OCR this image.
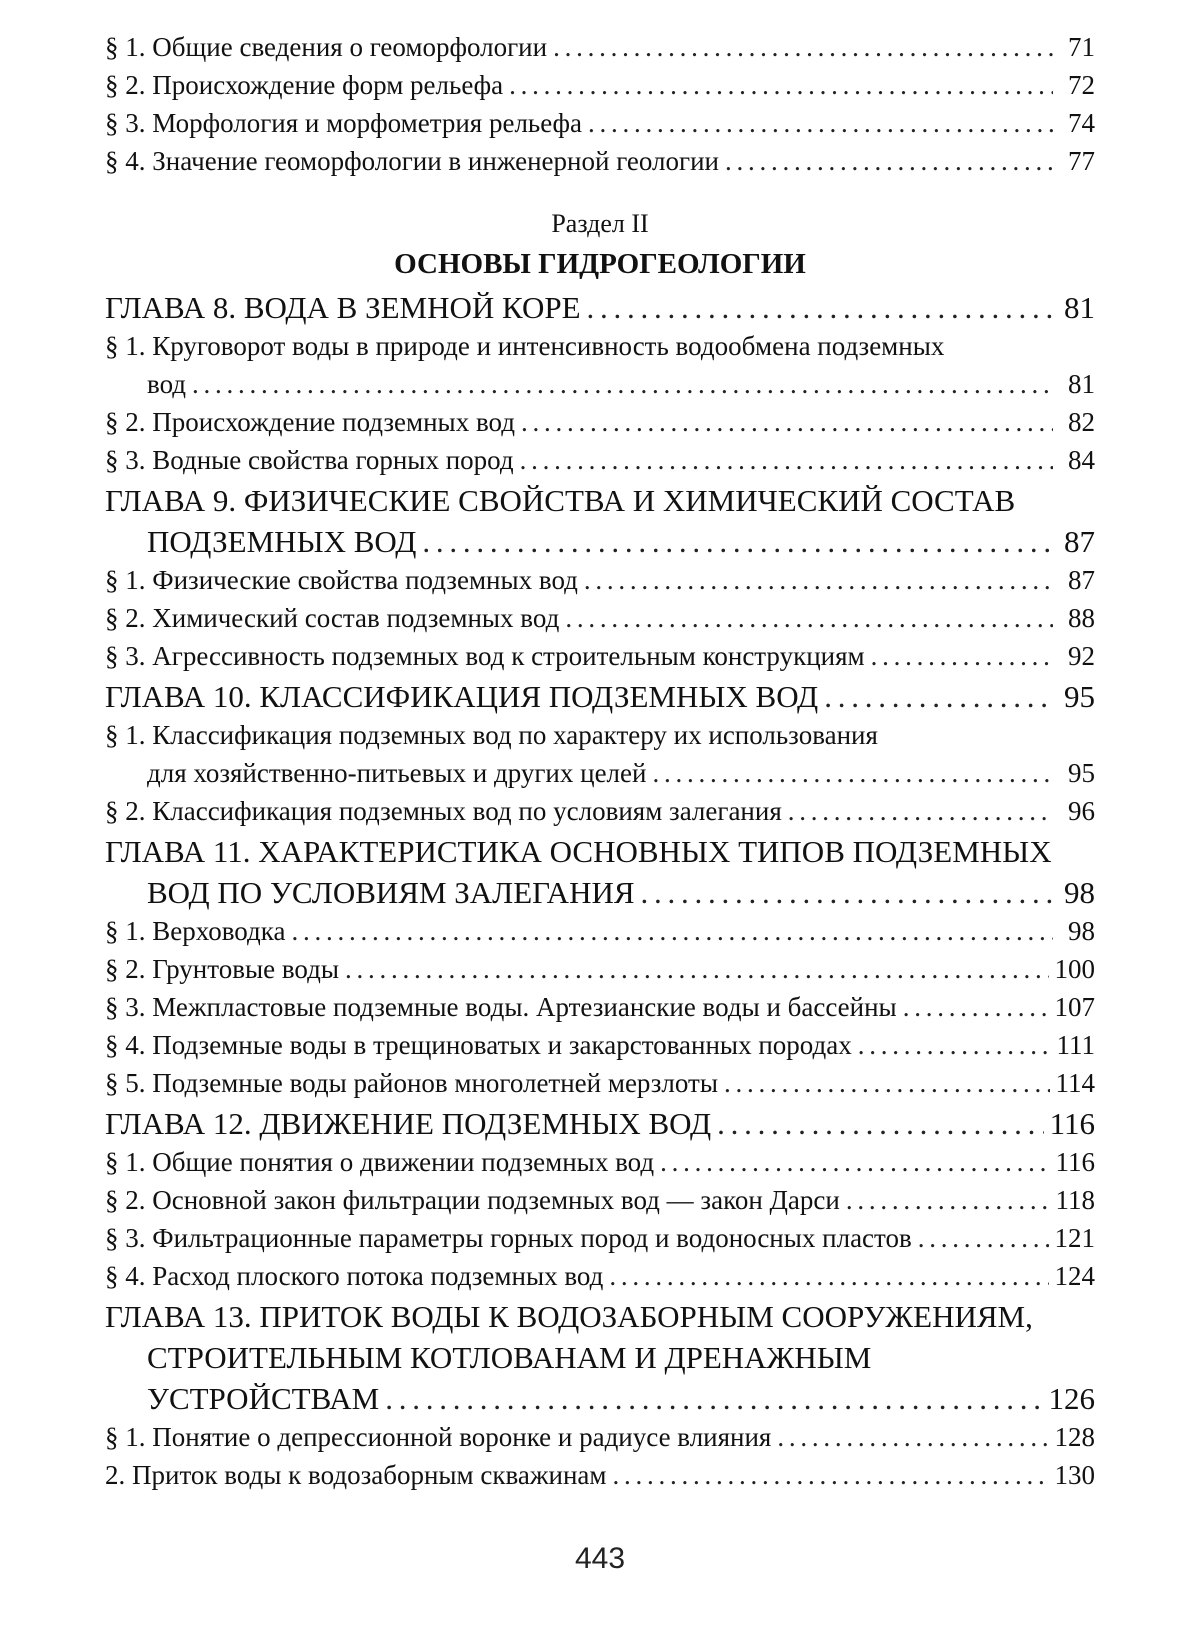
§ 1. Общие сведения о геоморфологии . . .	71
§ 2. Происхождение форм рельефа . . .	72
§ 3. Морфология и морфометрия рельефа . . .	74
§ 4. Значение геоморфологии в инженерной геологии . . .	77
Раздел II
ОСНОВЫ ГИДРОГЕОЛОГИИ
ГЛАВА 8. ВОДА В ЗЕМНОЙ КОРЕ . . .	81
§ 1. Круговорот воды в природе и интенсивность водообмена подземных
вод . . .	81
§ 2. Происхождение подземных вод . . .	82
§ 3. Водные свойства горных пород . . .	84
ГЛАВА 9. ФИЗИЧЕСКИЕ СВОЙСТВА И ХИМИЧЕСКИЙ СОСТАВ
ПОДЗЕМНЫХ ВОД . . .	87
§ 1. Физические свойства подземных вод . . .	87
§ 2. Химический состав подземных вод . . .	88
§ 3. Агрессивность подземных вод к строительным конструкциям . . .	92
ГЛАВА 10. КЛАССИФИКАЦИЯ ПОДЗЕМНЫХ ВОД . . .	95
§ 1. Классификация подземных вод по характеру их использования
для хозяйственно-питьевых и других целей . . .	95
§ 2. Классификация подземных вод по условиям залегания . . .	96
ГЛАВА 11. ХАРАКТЕРИСТИКА ОСНОВНЫХ ТИПОВ ПОДЗЕМНЫХ
ВОД ПО УСЛОВИЯМ ЗАЛЕГАНИЯ . . .	98
§ 1. Верховодка . . .	98
§ 2. Грунтовые воды . . .	100
§ 3. Межпластовые подземные воды. Артезианские воды и бассейны . . .	107
§ 4. Подземные воды в трещиноватых и закарстованных породах . . .	111
§ 5. Подземные воды районов многолетней мерзлоты . . .	114
ГЛАВА 12. ДВИЖЕНИЕ ПОДЗЕМНЫХ ВОД . . .	116
§ 1. Общие понятия о движении подземных вод . . .	116
§ 2. Основной закон фильтрации подземных вод — закон Дарси . . .	118
§ 3. Фильтрационные параметры горных пород и водоносных пластов . . .	121
§ 4. Расход плоского потока подземных вод . . .	124
ГЛАВА 13. ПРИТОК ВОДЫ К ВОДОЗАБОРНЫМ СООРУЖЕНИЯМ,
СТРОИТЕЛЬНЫМ КОТЛОВАНАМ И ДРЕНАЖНЫМ
УСТРОЙСТВАМ . . .	126
§ 1. Понятие о депрессионной воронке и радиусе влияния . . .	128
2. Приток воды к водозаборным скважинам . . .	130
443
